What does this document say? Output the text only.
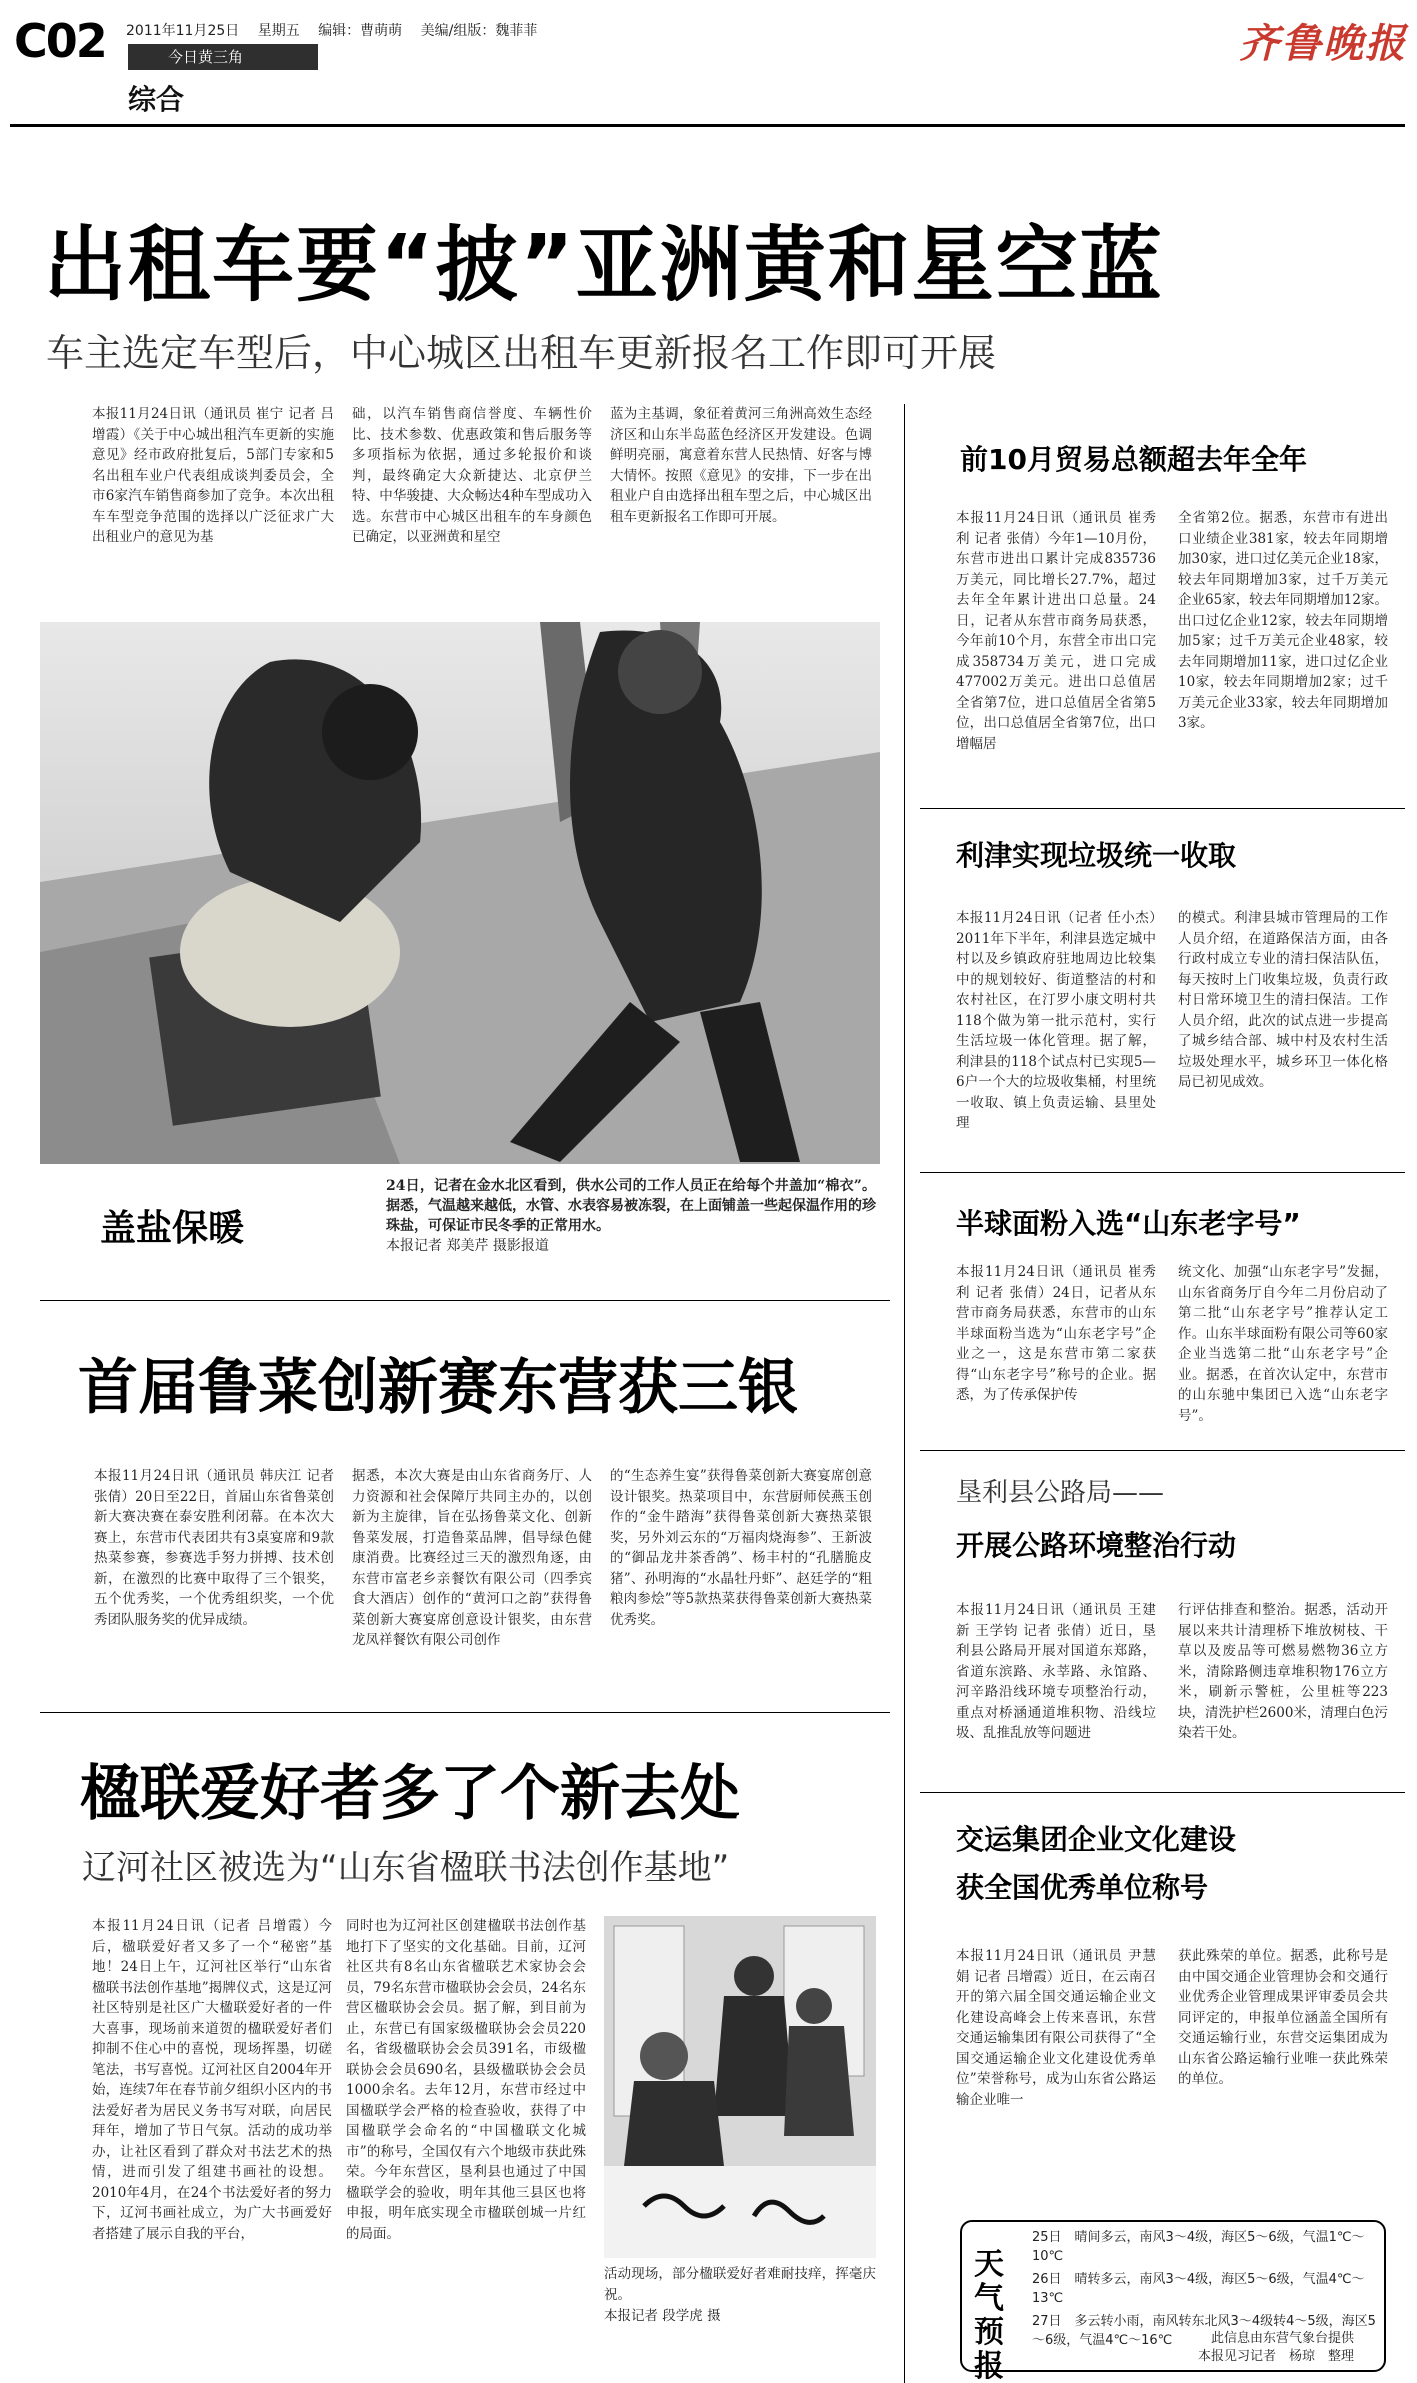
C02 2011年11月25日 星期五 编辑：曹萌萌 美编/组版：魏菲菲
今日黄三角
综合
齐鲁晚报
出租车要“披”亚洲黄和星空蓝
车主选定车型后，中心城区出租车更新报名工作即可开展
本报11月24日讯（通讯员 崔宁 记者 吕增霞）《关于中心城出租汽车更新的实施意见》经市政府批复后，5部门专家和5名出租车业户代表组成谈判委员会，全市6家汽车销售商参加了竞争。本次出租车车型竞争范围的选择以广泛征求广大出租业户的意见为基
础，以汽车销售商信誉度、车辆性价比、技术参数、优惠政策和售后服务等多项指标为依据，通过多轮报价和谈判，最终确定大众新捷达、北京伊兰特、中华骏捷、大众畅达4种车型成功入选。东营市中心城区出租车的车身颜色已确定，以亚洲黄和星空
蓝为主基调，象征着黄河三角洲高效生态经济区和山东半岛蓝色经济区开发建设。色调鲜明亮丽，寓意着东营人民热情、好客与博大情怀。按照《意见》的安排，下一步在出租业户自由选择出租车型之后，中心城区出租车更新报名工作即可开展。
盖盐保暖
24日，记者在金水北区看到，供水公司的工作人员正在给每个井盖加“棉衣”。据悉，气温越来越低，水管、水表容易被冻裂，在上面铺盖一些起保温作用的珍珠盐，可保证市民冬季的正常用水。
本报记者 郑美芹 摄影报道
首届鲁菜创新赛东营获三银
本报11月24日讯（通讯员 韩庆江 记者 张倩）20日至22日，首届山东省鲁菜创新大赛决赛在泰安胜利闭幕。在本次大赛上，东营市代表团共有3桌宴席和9款热菜参赛，参赛选手努力拼搏、技术创新，在激烈的比赛中取得了三个银奖，五个优秀奖，一个优秀组织奖，一个优秀团队服务奖的优异成绩。
据悉，本次大赛是由山东省商务厅、人力资源和社会保障厅共同主办的，以创新为主旋律，旨在弘扬鲁菜文化、创新鲁菜发展，打造鲁菜品牌，倡导绿色健康消费。比赛经过三天的激烈角逐，由东营市富老乡亲餐饮有限公司（四季宾食大酒店）创作的“黄河口之韵”获得鲁菜创新大赛宴席创意设计银奖，由东营龙凤祥餐饮有限公司创作
的“生态养生宴”获得鲁菜创新大赛宴席创意设计银奖。热菜项目中，东营厨师侯燕玉创作的“金牛踏海”获得鲁菜创新大赛热菜银奖，另外刘云东的“万福肉烧海参”、王新波的“御品龙井茶香鸽”、杨丰村的“孔膳脆皮猪”、孙明海的“水晶牡丹虾”、赵廷学的“粗粮肉参烩”等5款热菜获得鲁菜创新大赛热菜优秀奖。
楹联爱好者多了个新去处
辽河社区被选为“山东省楹联书法创作基地”
本报11月24日讯（记者 吕增霞）今后，楹联爱好者又多了一个“秘密”基地！24日上午，辽河社区举行“山东省楹联书法创作基地”揭牌仪式，这是辽河社区特别是社区广大楹联爱好者的一件大喜事，现场前来道贺的楹联爱好者们抑制不住心中的喜悦，现场挥墨，切磋笔法，书写喜悦。辽河社区自2004年开始，连续7年在春节前夕组织小区内的书法爱好者为居民义务书写对联，向居民拜年，增加了节日气氛。活动的成功举办，让社区看到了群众对书法艺术的热情，进而引发了组建书画社的设想。2010年4月，在24个书法爱好者的努力下，辽河书画社成立，为广大书画爱好者搭建了展示自我的平台，
同时也为辽河社区创建楹联书法创作基地打下了坚实的文化基础。目前，辽河社区共有8名山东省楹联艺术家协会会员，79名东营市楹联协会会员，24名东营区楹联协会会员。据了解，到目前为止，东营已有国家级楹联协会会员220名，省级楹联协会会员391名，市级楹联协会会员690名，县级楹联协会会员1000余名。去年12月，东营市经过中国楹联学会严格的检查验收，获得了中国楹联学会命名的“中国楹联文化城市”的称号，全国仅有六个地级市获此殊荣。今年东营区，垦利县也通过了中国楹联学会的验收，明年其他三县区也将申报，明年底实现全市楹联创城一片红的局面。
活动现场，部分楹联爱好者难耐技痒，挥毫庆祝。
本报记者 段学虎 摄
前10月贸易总额超去年全年
本报11月24日讯（通讯员 崔秀利 记者 张倩）今年1—10月份，东营市进出口累计完成835736万美元，同比增长27.7%，超过去年全年累计进出口总量。24日，记者从东营市商务局获悉，今年前10个月，东营全市出口完成358734万美元，进口完成477002万美元。进出口总值居全省第7位，进口总值居全省第5位，出口总值居全省第7位，出口增幅居
全省第2位。据悉，东营市有进出口业绩企业381家，较去年同期增加30家，进口过亿美元企业18家，较去年同期增加3家，过千万美元企业65家，较去年同期增加12家。出口过亿企业12家，较去年同期增加5家；过千万美元企业48家，较去年同期增加11家，进口过亿企业10家，较去年同期增加2家；过千万美元企业33家，较去年同期增加3家。
利津实现垃圾统一收取
本报11月24日讯（记者 任小杰）2011年下半年，利津县选定城中村以及乡镇政府驻地周边比较集中的规划较好、街道整洁的村和农村社区，在汀罗小康文明村共118个做为第一批示范村，实行生活垃圾一体化管理。据了解，利津县的118个试点村已实现5—6户一个大的垃圾收集桶，村里统一收取、镇上负责运输、县里处理
的模式。利津县城市管理局的工作人员介绍，在道路保洁方面，由各行政村成立专业的清扫保洁队伍，每天按时上门收集垃圾，负责行政村日常环境卫生的清扫保洁。工作人员介绍，此次的试点进一步提高了城乡结合部、城中村及农村生活垃圾处理水平，城乡环卫一体化格局已初见成效。
半球面粉入选“山东老字号”
本报11月24日讯（通讯员 崔秀利 记者 张倩）24日，记者从东营市商务局获悉，东营市的山东半球面粉当选为“山东老字号”企业之一，这是东营市第二家获得“山东老字号”称号的企业。据悉，为了传承保护传
统文化、加强“山东老字号”发掘，山东省商务厅自今年二月份启动了第二批“山东老字号”推荐认定工作。山东半球面粉有限公司等60家企业当选第二批“山东老字号”企业。据悉，在首次认定中，东营市的山东驰中集团已入选“山东老字号”。
垦利县公路局——
开展公路环境整治行动
本报11月24日讯（通讯员 王建新 王学钧 记者 张倩）近日，垦利县公路局开展对国道东郑路，省道东滨路、永莘路、永馆路、河辛路沿线环境专项整治行动，重点对桥涵通道堆积物、沿线垃圾、乱推乱放等问题进
行评估排查和整治。据悉，活动开展以来共计清理桥下堆放树枝、干草以及废品等可燃易燃物36立方米，清除路侧违章堆积物176立方米，刷新示警桩，公里桩等223块，清洗护栏2600米，清理白色污染若干处。
交运集团企业文化建设
获全国优秀单位称号
本报11月24日讯（通讯员 尹慧娟 记者 吕增霞）近日，在云南召开的第六届全国交通运输企业文化建设高峰会上传来喜讯，东营交通运输集团有限公司获得了“全国交通运输企业文化建设优秀单位”荣誉称号，成为山东省公路运输企业唯一
获此殊荣的单位。据悉，此称号是由中国交通企业管理协会和交通行业优秀企业管理成果评审委员会共同评定的，申报单位涵盖全国所有交通运输行业，东营交运集团成为山东省公路运输行业唯一获此殊荣的单位。
天气预报
25日　晴间多云，南风3～4级，海区5～6级，气温1℃～10℃
26日　晴转多云，南风3～4级，海区5～6级，气温4℃～13℃
27日　多云转小雨，南风转东北风3～4级转4～5级，海区5～6级，气温4℃～16℃	此信息由东营气象台提供
本报见习记者　杨琼　整理
